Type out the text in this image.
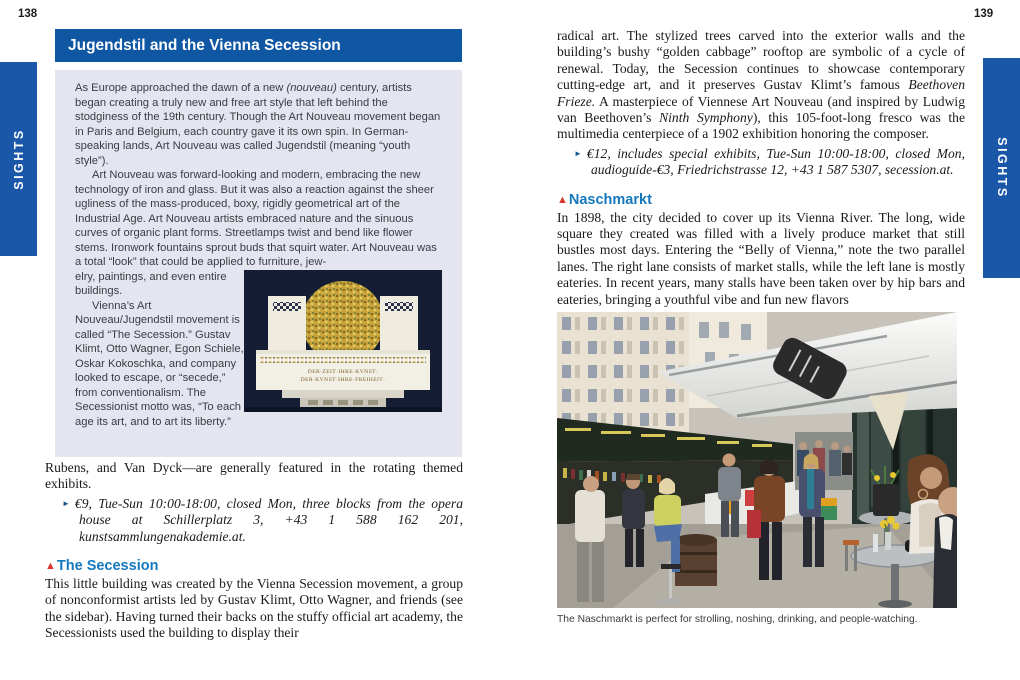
138
SIGHTS
Jugendstil and the Vienna Secession

As Europe approached the dawn of a new (nouveau) century, artists began creating a truly new and free art style that left behind the stodginess of the 19th century. Though the Art Nouveau movement began in Paris and Belgium, each country gave it its own spin. In German-speaking lands, Art Nouveau was called Jugendstil (meaning “youth style”).

Art Nouveau was forward-looking and modern, embracing the new technology of iron and glass. But it was also a reaction against the sheer ugliness of the mass-produced, boxy, rigidly geometrical art of the Industrial Age. Art Nouveau artists embraced nature and the sinuous curves of organic plant forms. Streetlamps twist and bend like flower stems. Ironwork fountains sprout buds that squirt water. Art Nouveau was a total “look” that could be applied to furniture, jew-

elry, paintings, and even entire buildings.

Vienna’s Art Nouveau/Jugendstil movement is called “The Secession.” Gustav Klimt, Otto Wagner, Egon Schiele, Oskar Kokoschka, and company looked to escape, or “secede,” from conventionalism. The Secessionist motto was, “To each age its art, and to art its liberty.”

DER·ZEIT·IHRE·KVNST·
DER·KVNST·IHRE·FREIHEIT·

Rubens, and Van Dyck—are generally featured in the rotating themed exhibits.

► €9, Tue-Sun 10:00-18:00, closed Mon, three blocks from the opera house at Schillerplatz 3, +43 1 588 162 201, kunstsammlungenakademie.at.

▲The Secession

This little building was created by the Vienna Secession movement, a group of nonconformist artists led by Gustav Klimt, Otto Wagner, and friends (see the sidebar). Having turned their backs on the stuffy official art academy, the Secessionists used the building to display their

139
SIGHTS

radical art. The stylized trees carved into the exterior walls and the building’s bushy “golden cabbage” rooftop are symbolic of a cycle of renewal. Today, the Secession continues to showcase contemporary cutting-edge art, and it preserves Gustav Klimt’s famous Beethoven Frieze. A masterpiece of Viennese Art Nouveau (and inspired by Ludwig van Beethoven’s Ninth Symphony), this 105-foot-long fresco was the multimedia centerpiece of a 1902 exhibition honoring the composer.

► €12, includes special exhibits, Tue-Sun 10:00-18:00, closed Mon, audioguide-€3, Friedrichstrasse 12, +43 1 587 5307, secession.at.

▲Naschmarkt

In 1898, the city decided to cover up its Vienna River. The long, wide square they created was filled with a lively produce market that still bustles most days. Entering the “Belly of Vienna,” note the two parallel lanes. The right lane consists of market stalls, while the left lane is mostly eateries. In recent years, many stalls have been taken over by hip bars and eateries, bringing a youthful vibe and fun new flavors

The Naschmarkt is perfect for strolling, noshing, drinking, and people-watching.
